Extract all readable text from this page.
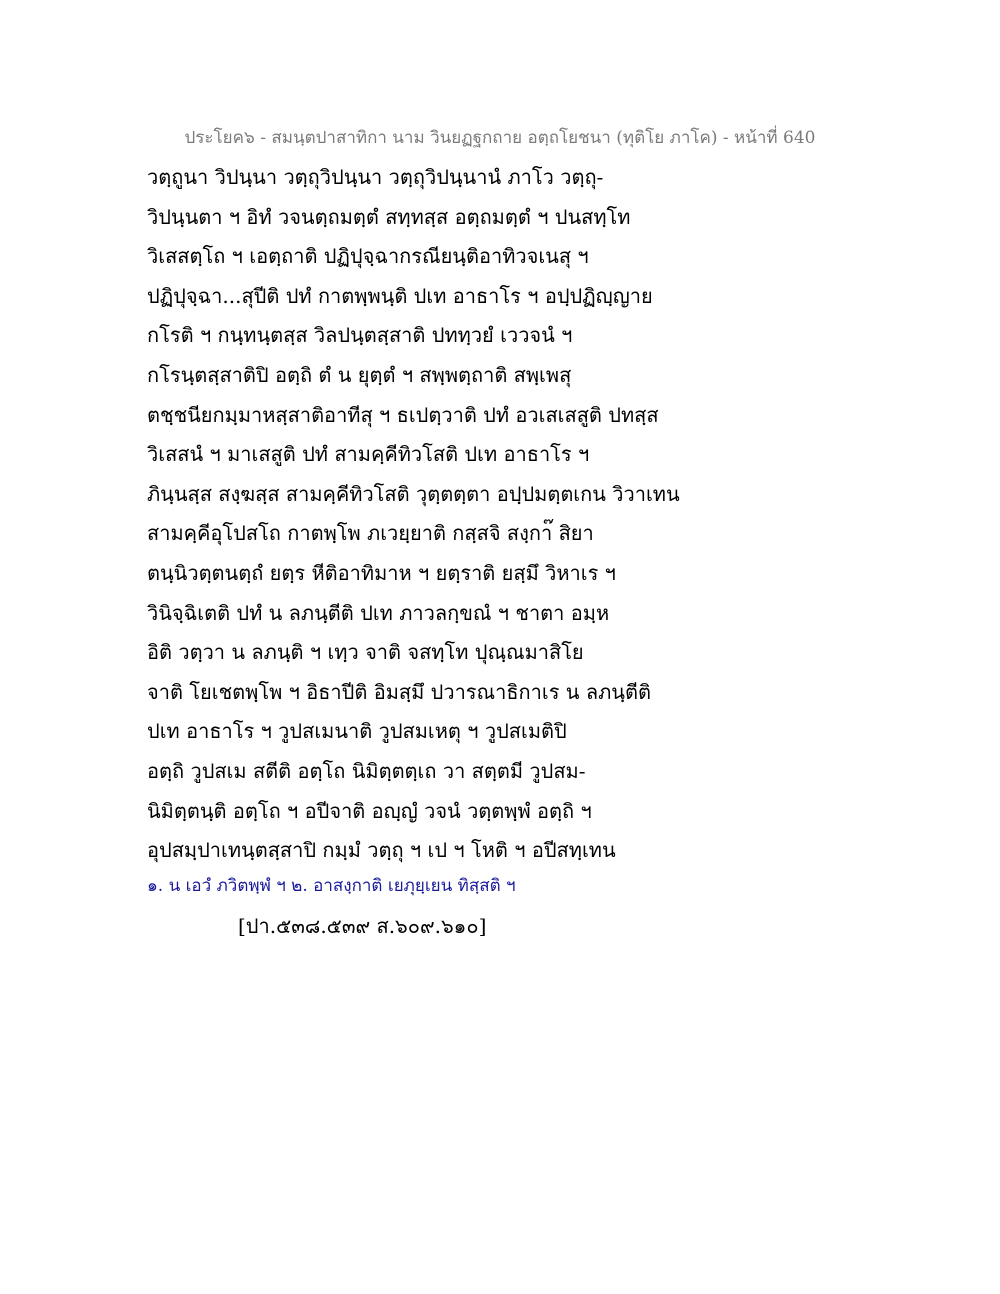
ประโยค๖ - สมนฺตปาสาทิกา นาม วินยฏฐกถาย อตฺถโยชนา (ทุติโย ภาโค) - หน้าที่ 640
วตฺถูนา วิปนฺนา วตฺถุวิปนฺนา วตฺถุวิปนฺนานํ ภาโว วตฺถุ-
วิปนฺนตา ฯ อิทํ วจนตฺถมตฺตํ สทฺทสฺส อตฺถมตฺตํ ฯ ปนสทฺโท
วิเสสตฺโถ ฯ เอตฺถาติ ปฏิปุจฺฉากรณียนฺติอาทิวจเนสุ ฯ
ปฏิปุจฺฉา...สุปีติ ปทํ กาตพฺพนฺติ ปเท อาธาโร ฯ อปฺปฏิญฺญาย
กโรติ ฯ กนฺทนฺตสฺส วิลปนฺตสฺสาติ ปททฺวยํ เววจนํ ฯ
กโรนฺตสฺสาติปิ อตฺถิ ตํ น ยุตฺตํ ฯ สพฺพตฺถาติ สพฺเพสุ
ตชฺชนียกมฺมาหสฺสาติอาทีสุ ฯ ธเปตฺวาติ ปทํ อวเสเสสูติ ปทสฺส
วิเสสนํ ฯ มาเสสูติ ปทํ สามคฺคีทิวโสติ ปเท อาธาโร ฯ
ภินฺนสฺส สงฺฆสฺส สามคฺคีทิวโสติ วุตฺตตฺตา อปฺปมตฺตเกน วิวาเทน
สามคฺคีอุโปสโถ กาตพฺโพ ภเวยฺยาติ กสฺสจิ สงฺกา๊ สิยา
ตนฺนิวตฺตนตฺถํ ยตฺร หีติอาทิมาห ฯ ยตฺราติ ยสฺมึ วิหาเร ฯ
วินิจฺฉิเตติ ปทํ น ลภนฺตีติ ปเท ภาวลกฺขณํ ฯ ชาตา อมฺห
อิติ วตฺวา น ลภนฺติ ฯ เทฺว จาติ จสทฺโท ปุณฺณมาสิโย
จาติ โยเชตพฺโพ ฯ อิธาปีติ อิมสฺมึ ปวารณาธิกาเร น ลภนฺตีติ
ปเท อาธาโร ฯ วูปสเมนาติ วูปสมเหตุ ฯ วูปสเมติปิ
อตฺถิ วูปสเม สตีติ อตฺโถ นิมิตฺตตฺเถ วา สตฺตมี วูปสม-
นิมิตฺตนฺติ อตฺโถ ฯ อปีจาติ อญฺญํ วจนํ วตฺตพฺพํ อตฺถิ ฯ
อุปสมฺปาเทนฺตสฺสาปิ กมฺมํ วตฺถุ ฯ เป ฯ โหติ ฯ อปีสทฺเทน
๑. น เอวํ ภวิตพฺพํ ฯ ๒. อาสงฺกาติ เยภุยฺเยน ทิสฺสติ ฯ
[ปา.๕๓๘.๕๓๙ ส.๖๐๙.๖๑๐]
